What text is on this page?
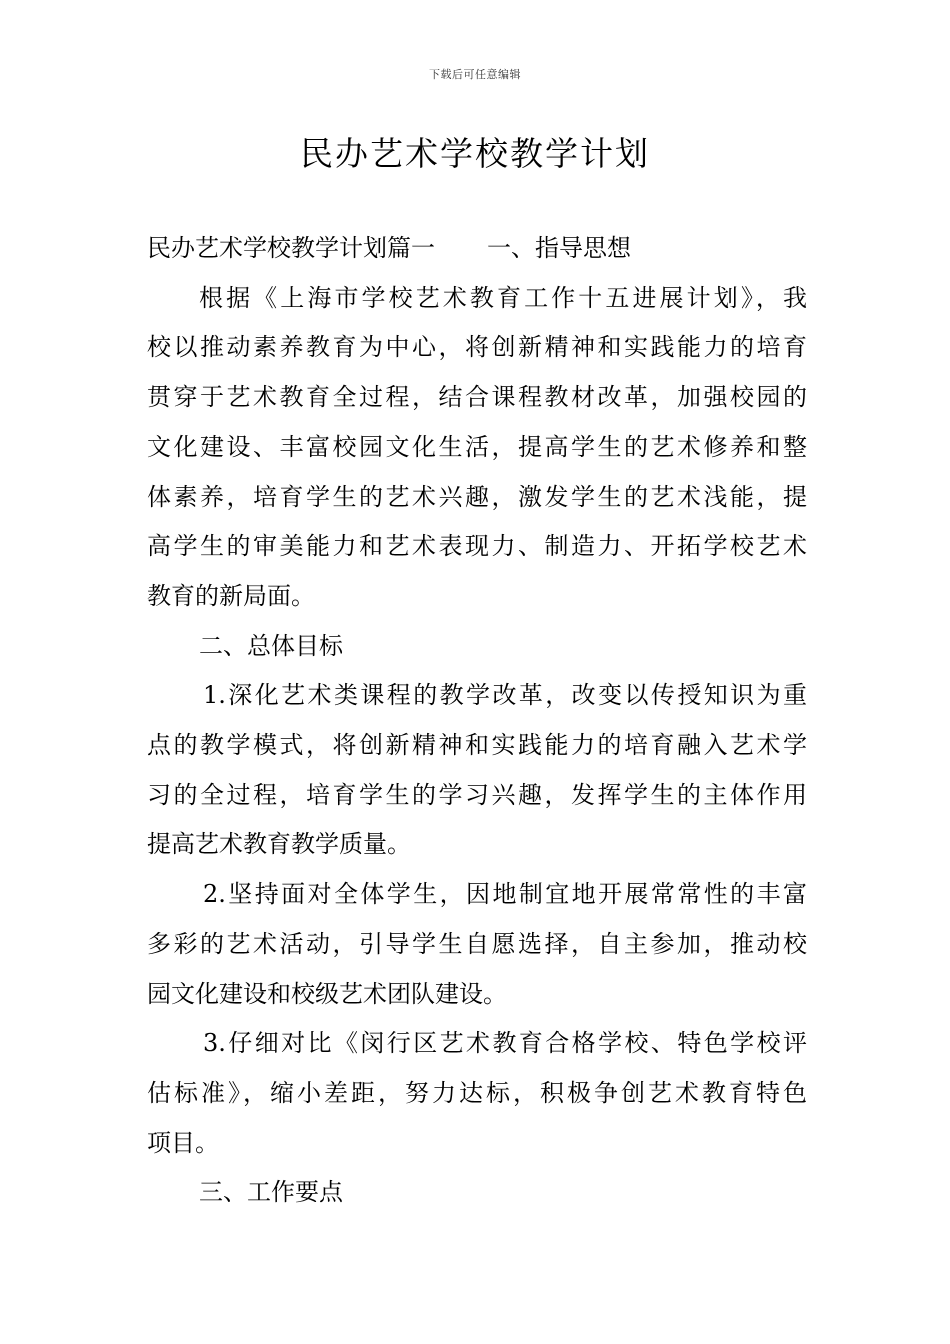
下载后可任意编辑
民办艺术学校教学计划

民办艺术学校教学计划篇一 一、指导思想

根据《上海市学校艺术教育工作十五进展计划》，我

校以推动素养教育为中心，将创新精神和实践能力的培育

贯穿于艺术教育全过程，结合课程教材改革，加强校园的

文化建设、丰富校园文化生活，提高学生的艺术修养和整

体素养，培育学生的艺术兴趣，激发学生的艺术浅能，提

高学生的审美能力和艺术表现力、制造力、开拓学校艺术

教育的新局面。

二、总体目标

1.深化艺术类课程的教学改革，改变以传授知识为重

点的教学模式，将创新精神和实践能力的培育融入艺术学

习的全过程，培育学生的学习兴趣，发挥学生的主体作用

提高艺术教育教学质量。

2.坚持面对全体学生，因地制宜地开展常常性的丰富

多彩的艺术活动，引导学生自愿选择，自主参加，推动校

园文化建设和校级艺术团队建设。

3.仔细对比《闵行区艺术教育合格学校、特色学校评

估标准》，缩小差距，努力达标，积极争创艺术教育特色

项目。

三、工作要点
